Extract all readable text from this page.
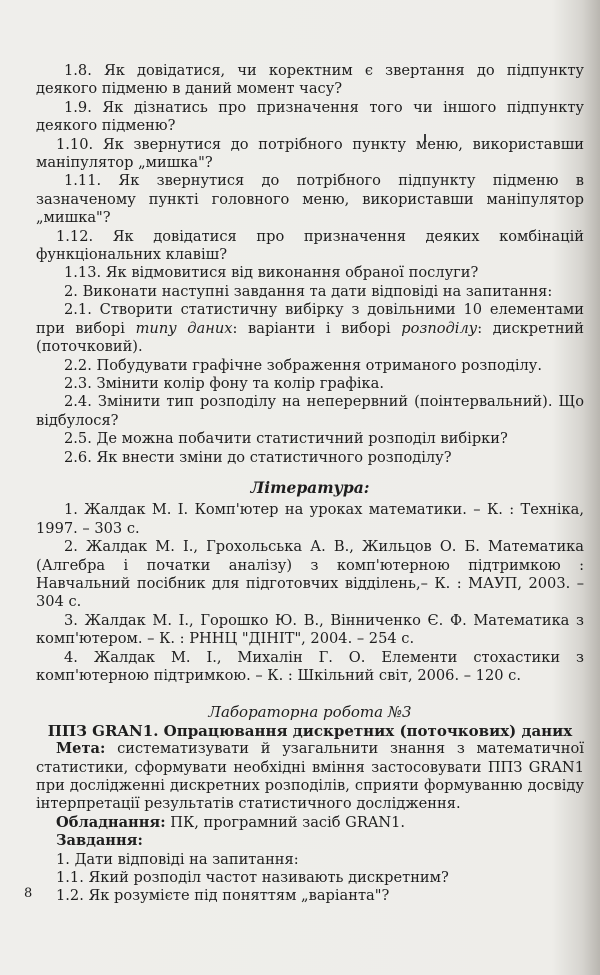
1.8. Як довідатися, чи коректним є звертання до підпункту деякого підменю в даний момент часу?

1.9. Як дізнатись про призначення того чи іншого підпункту деякого підменю?

1.10. Як звернутися до потрібного пункту меню, використавши маніпулятор „мишка"?

1.11. Як звернутися до потрібного підпункту підменю в зазначеному пункті головного меню, використавши маніпулятор „мишка"?

1.12. Як довідатися про призначення деяких комбінацій функціональних клавіш?

1.13. Як відмовитися від виконання обраної послуги?

2. Виконати наступні завдання та дати відповіді на запитання:

2.1. Створити статистичну вибірку з довільними 10 елементами при виборі типу даних: варіанти і виборі розподілу: дискретний (поточковий).

2.2. Побудувати графічне зображення отриманого розподілу.

2.3. Змінити колір фону та колір графіка.

2.4. Змінити тип розподілу на неперервний (поінтервальний). Що відбулося?

2.5. Де можна побачити статистичний розподіл вибірки?

2.6. Як внести зміни до статистичного розподілу?

Література:

1. Жалдак М. І. Комп'ютер на уроках математики. – К. : Техніка, 1997. – 303 с.

2. Жалдак М. І., Грохольська А. В., Жильцов О. Б. Математика (Алгебра і початки аналізу) з комп'ютерною підтримкою : Навчальний посібник для підготовчих відділень,– К. : МАУП, 2003. – 304 с.

3. Жалдак М. І., Горошко Ю. В., Вінниченко Є. Ф. Математика з комп'ютером. – К. : РННЦ "ДІНІТ", 2004. – 254 с.

4. Жалдак М. І., Михалін Г. О. Елементи стохастики з комп'ютерною підтримкою. – К. : Шкільний світ, 2006. – 120 с.

Лабораторна робота №3
ППЗ GRAN1. Опрацювання дискретних (поточкових) даних

Мета: систематизувати й узагальнити знання з математичної статистики, сформувати необхідні вміння застосовувати ППЗ GRAN1 при дослідженні дискретних розподілів, сприяти формуванню досвіду інтерпретації результатів статистичного дослідження.

Обладнання: ПК, програмний засіб GRAN1.

Завдання:

1. Дати відповіді на запитання:

1.1. Який розподіл частот називають дискретним?

1.2. Як розумієте під поняттям „варіанта"?

8
